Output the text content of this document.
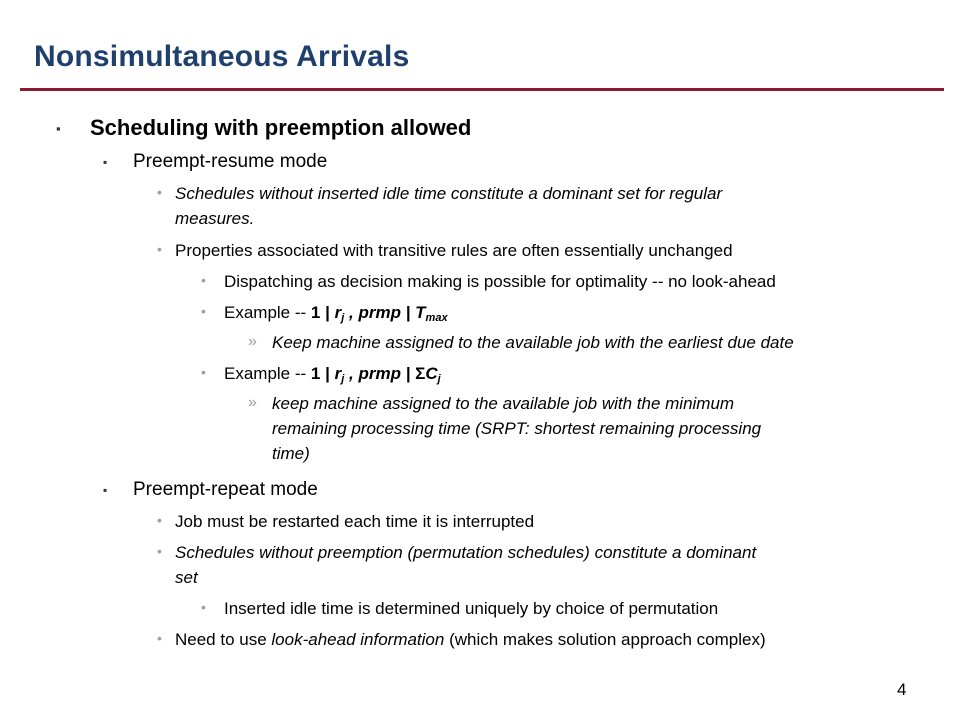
Nonsimultaneous Arrivals
▪ Scheduling with preemption allowed
▪ Preempt-resume mode
• Schedules without inserted idle time constitute a dominant set for regular
measures.
• Properties associated with transitive rules are often essentially unchanged
• Dispatching as decision making is possible for optimality -- no look-ahead
• Example -- 1 | $r_j$ , prmp | $T_{max}$
» Keep machine assigned to the available job with the earliest due date
• Example -- 1 | $r_j$ , prmp | $\Sigma C_j$
» keep machine assigned to the available job with the minimum
remaining processing time (SRPT: shortest remaining processing
time)
▪ Preempt-repeat mode
• Job must be restarted each time it is interrupted
• Schedules without preemption (permutation schedules) constitute a dominant
set
• Inserted idle time is determined uniquely by choice of permutation
• Need to use look-ahead information (which makes solution approach complex)
4
